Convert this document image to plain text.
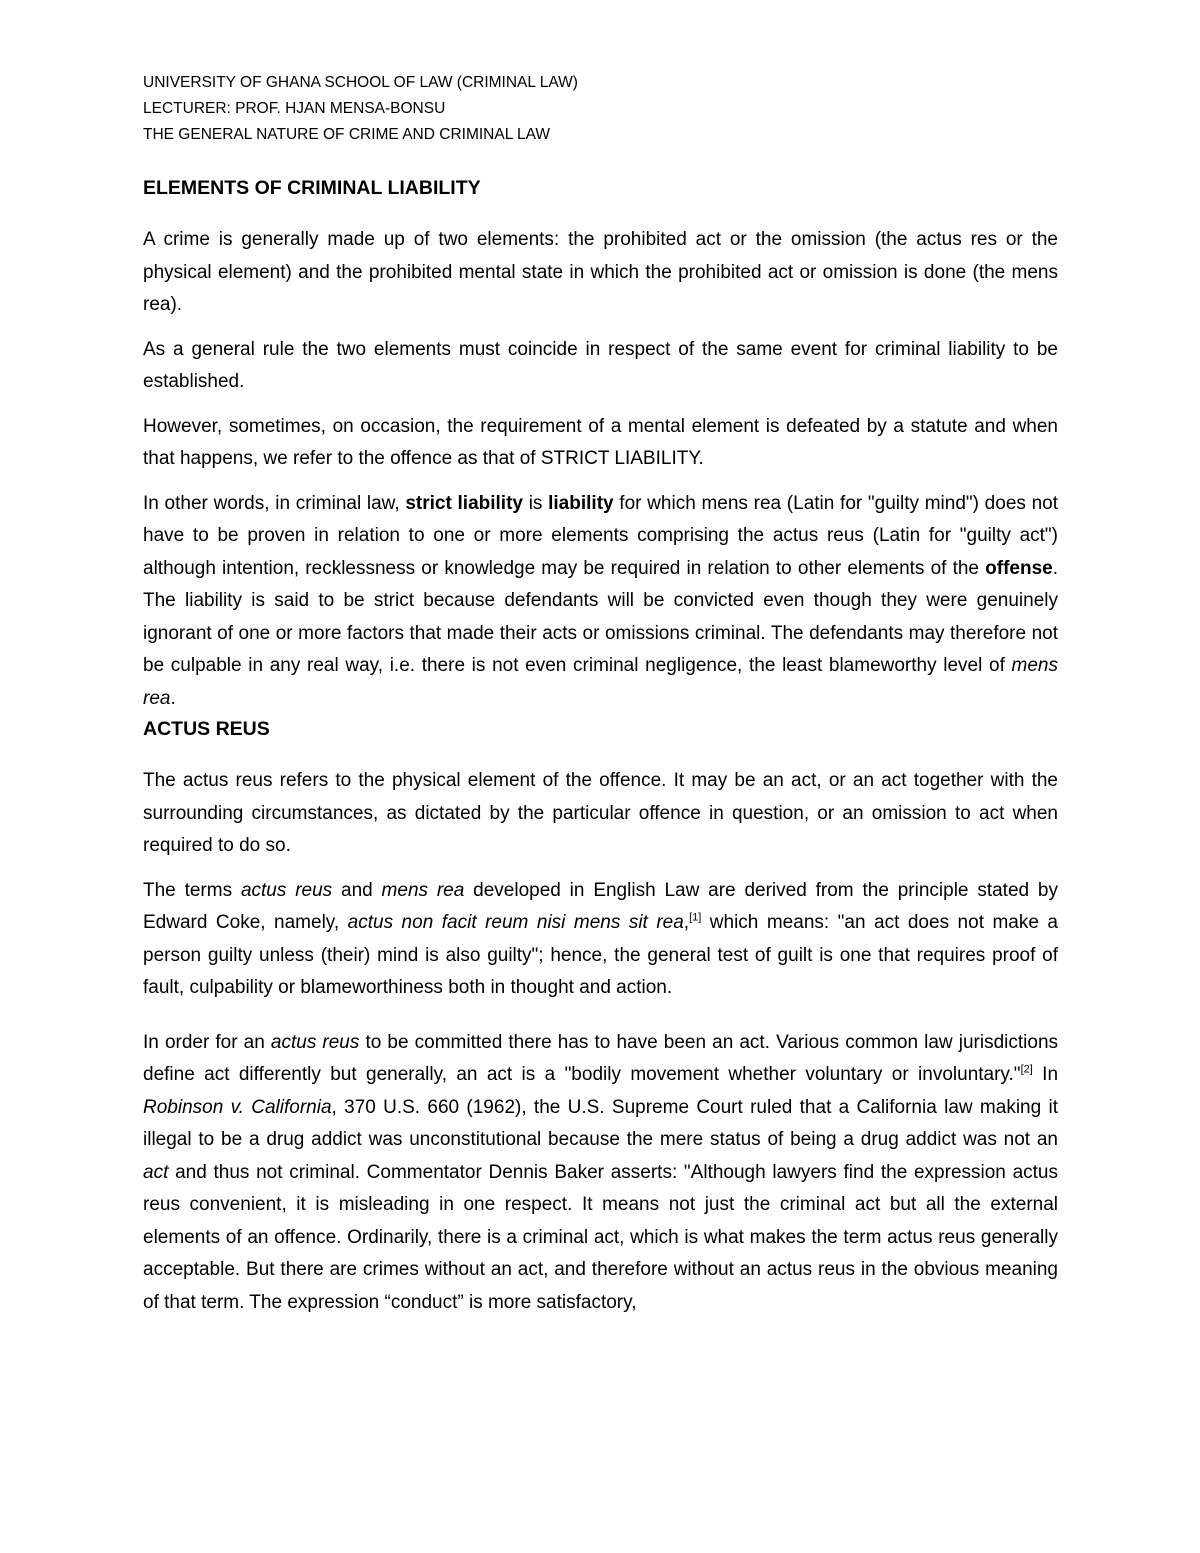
UNIVERSITY OF GHANA SCHOOL OF LAW (CRIMINAL LAW)

LECTURER: PROF. HJAN MENSA-BONSU

THE GENERAL NATURE OF CRIME AND CRIMINAL LAW

ELEMENTS OF CRIMINAL LIABILITY

A crime is generally made up of two elements: the prohibited act or the omission (the actus res or the physical element) and the prohibited mental state in which the prohibited act or omission is done (the mens rea).

As a general rule the two elements must coincide in respect of the same event for criminal liability to be established.

However, sometimes, on occasion, the requirement of a mental element is defeated by a statute and when that happens, we refer to the offence as that of STRICT LIABILITY.

In other words, in criminal law, strict liability is liability for which mens rea (Latin for "guilty mind") does not have to be proven in relation to one or more elements comprising the actus reus (Latin for "guilty act") although intention, recklessness or knowledge may be required in relation to other elements of the offense. The liability is said to be strict because defendants will be convicted even though they were genuinely ignorant of one or more factors that made their acts or omissions criminal. The defendants may therefore not be culpable in any real way, i.e. there is not even criminal negligence, the least blameworthy level of mens rea.

ACTUS REUS

The actus reus refers to the physical element of the offence. It may be an act, or an act together with the surrounding circumstances, as dictated by the particular offence in question, or an omission to act when required to do so.

The terms actus reus and mens rea developed in English Law are derived from the principle stated by Edward Coke, namely, actus non facit reum nisi mens sit rea,[1] which means: "an act does not make a person guilty unless (their) mind is also guilty"; hence, the general test of guilt is one that requires proof of fault, culpability or blameworthiness both in thought and action.

In order for an actus reus to be committed there has to have been an act. Various common law jurisdictions define act differently but generally, an act is a "bodily movement whether voluntary or involuntary."[2] In Robinson v. California, 370 U.S. 660 (1962), the U.S. Supreme Court ruled that a California law making it illegal to be a drug addict was unconstitutional because the mere status of being a drug addict was not an act and thus not criminal. Commentator Dennis Baker asserts: "Although lawyers find the expression actus reus convenient, it is misleading in one respect. It means not just the criminal act but all the external elements of an offence. Ordinarily, there is a criminal act, which is what makes the term actus reus generally acceptable. But there are crimes without an act, and therefore without an actus reus in the obvious meaning of that term. The expression “conduct” is more satisfactory,
